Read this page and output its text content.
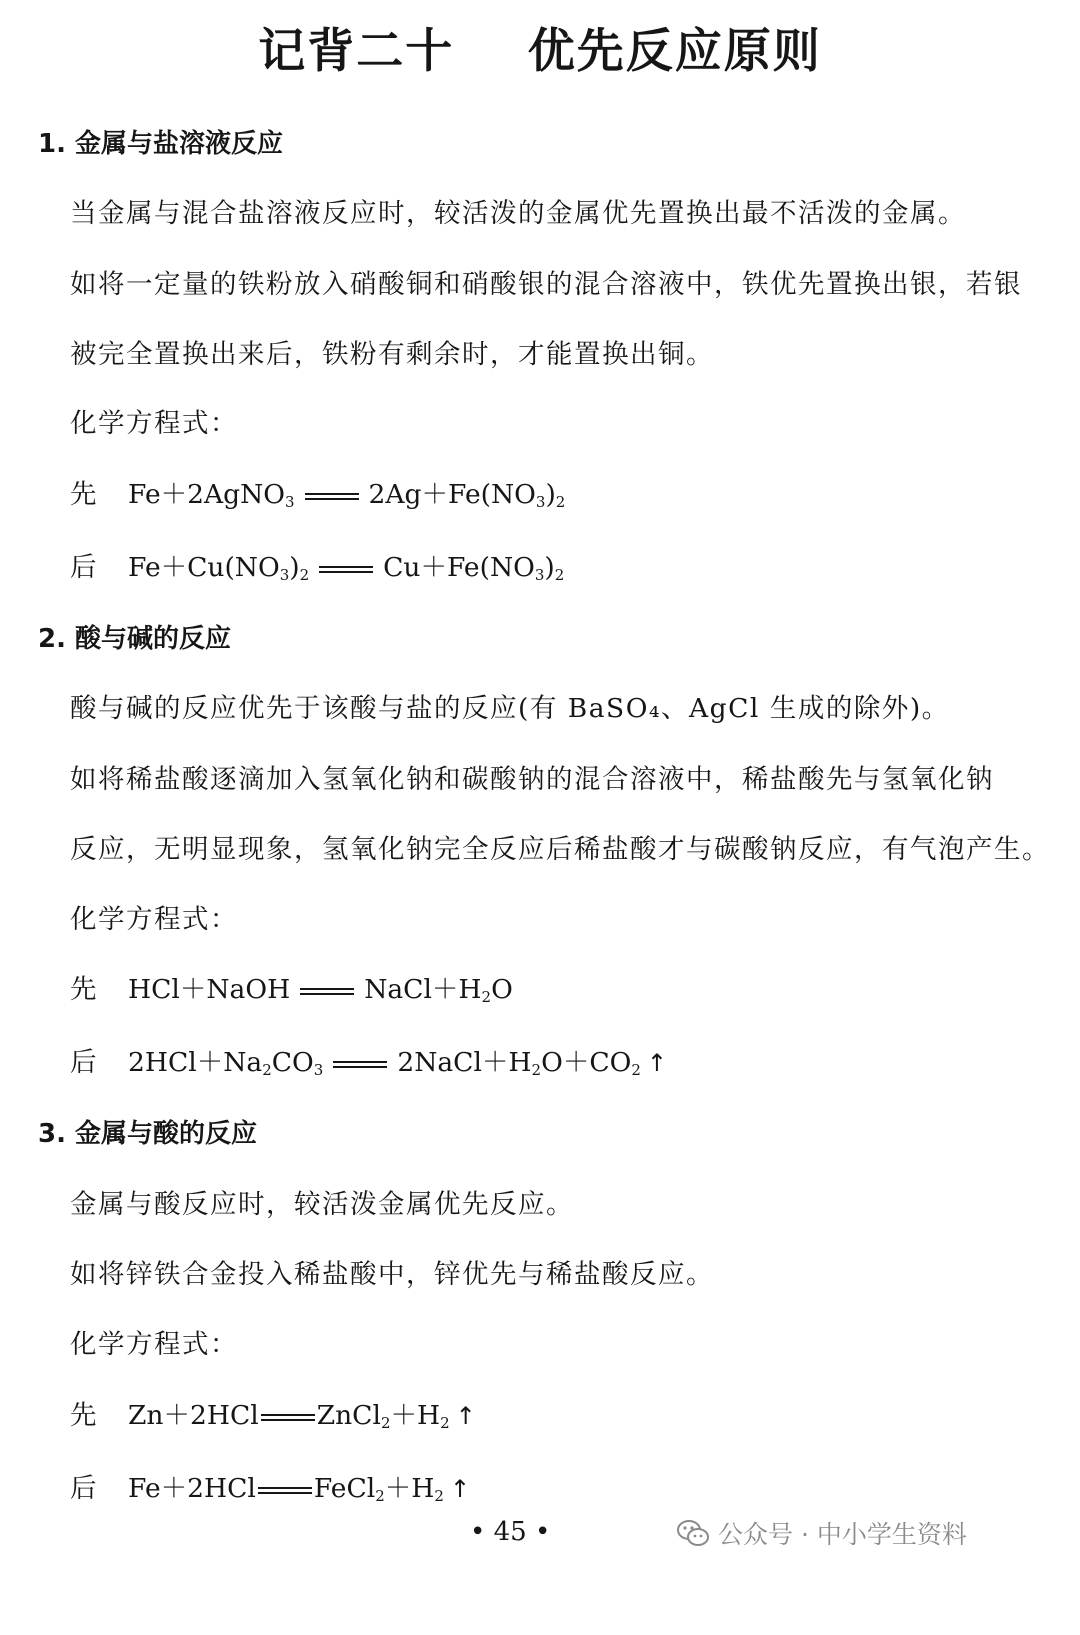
记背二十    优先反应原则
1. 金属与盐溶液反应
当金属与混合盐溶液反应时，较活泼的金属优先置换出最不活泼的金属。
如将一定量的铁粉放入硝酸铜和硝酸银的混合溶液中，铁优先置换出银，若银
被完全置换出来后，铁粉有剩余时，才能置换出铜。
化学方程式：
先 Fe＋2AgNO$_3$	$2Ag+Fe(NO_3)_2$
后 $Fe+Cu(NO_3)_2$	$Cu+Fe(NO_3)_2$
2. 酸与碱的反应
酸与碱的反应优先于该酸与盐的反应(有 BaSO₄、AgCl 生成的除外)。
如将稀盐酸逐滴加入氢氧化钠和碳酸钠的混合溶液中，稀盐酸先与氢氧化钠
反应，无明显现象，氢氧化钠完全反应后稀盐酸才与碳酸钠反应，有气泡产生。
化学方程式：
先 HCl＋NaOH	$NaCl+H_2O$
后 $2HCl+Na_2CO_3$	$2NaCl+H_2O+CO_2$ ↑
3. 金属与酸的反应
金属与酸反应时，较活泼金属优先反应。
如将锌铁合金投入稀盐酸中，锌优先与稀盐酸反应。
化学方程式：
先 Zn＋2HCl $ZnCl_2+H_2$ ↑
后 Fe＋2HCl $FeCl_2+H_2$ ↑
• 45 •	公众号 · 中小学生资料
